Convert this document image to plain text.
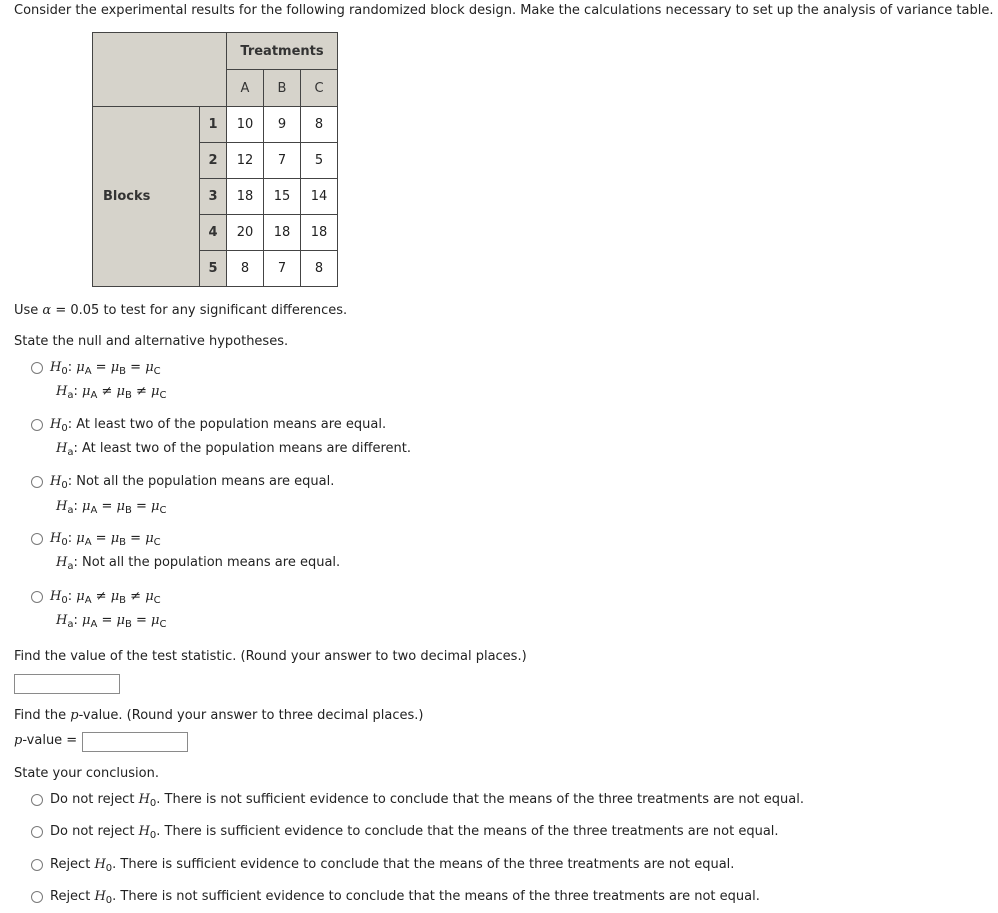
Consider the experimental results for the following randomized block design. Make the calculations necessary to set up the analysis of variance table.
		Treatments		
		A	B	C
Blocks	1	10	9	8
	2	12	7	5
	3	18	15	14
	4	20	18	18
	5	8	7	8
Use α = 0.05 to test for any significant differences.
State the null and alternative hypotheses.
$H_0$: $\mu_A = \mu_B = \mu_C$
$H_a$: $\mu_A \ne \mu_B \ne \mu_C$
$H_0$: At least two of the population means are equal.
$H_a$: At least two of the population means are different.
$H_0$: Not all the population means are equal.
$H_a$: $\mu_A = \mu_B = \mu_C$
$H_0$: $\mu_A = \mu_B = \mu_C$
$H_a$: Not all the population means are equal.
$H_0$: $\mu_A \ne \mu_B \ne \mu_C$
$H_a$: $\mu_A = \mu_B = \mu_C$
Find the value of the test statistic. (Round your answer to two decimal places.)
Find the p-value. (Round your answer to three decimal places.)
p-value =
State your conclusion.
Do not reject $H_0$. There is not sufficient evidence to conclude that the means of the three treatments are not equal.
Do not reject $H_0$. There is sufficient evidence to conclude that the means of the three treatments are not equal.
Reject $H_0$. There is sufficient evidence to conclude that the means of the three treatments are not equal.
Reject $H_0$. There is not sufficient evidence to conclude that the means of the three treatments are not equal.
